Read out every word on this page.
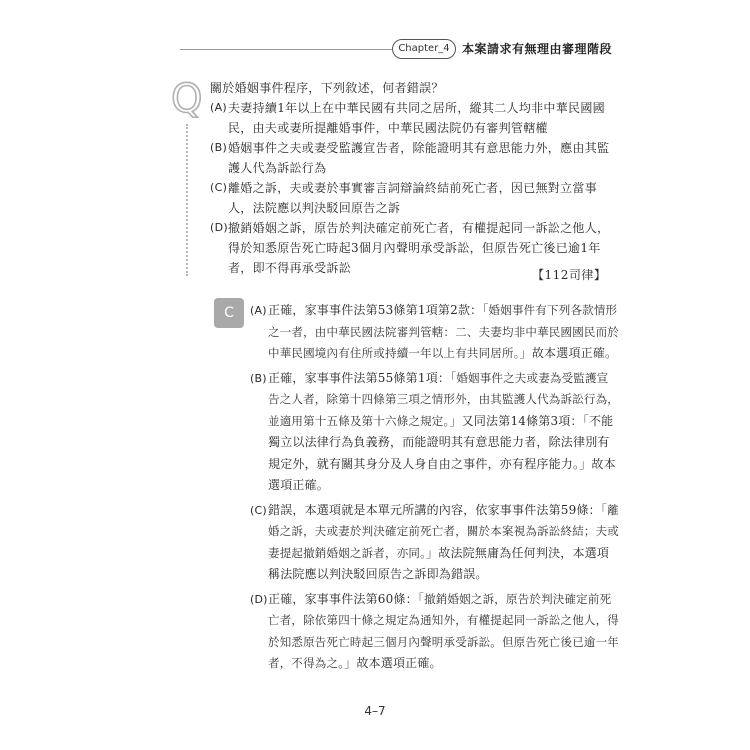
Chapter_4	本案請求有無理由審理階段
Q 關於婚姻事件程序，下列敘述，何者錯誤？

(A) 夫妻持續1年以上在中華民國有共同之居所，縱其二人均非中華民國國民，由夫或妻所提離婚事件，中華民國法院仍有審判管轄權
(B) 婚姻事件之夫或妻受監護宣告者，除能證明其有意思能力外，應由其監護人代為訴訟行為
(C) 離婚之訴，夫或妻於事實審言詞辯論終結前死亡者，因已無對立當事人，法院應以判決駁回原告之訴
(D) 撤銷婚姻之訴，原告於判決確定前死亡者，有權提起同一訴訟之他人，得於知悉原告死亡時起3個月內聲明承受訴訟，但原告死亡後已逾1年者，即不得再承受訴訟	【112司律】
C	(A) 正確，家事事件法第53條第1項第2款：「婚姻事件有下列各款情形之一者，由中華民國法院審判管轄：二、夫妻均非中華民國國民而於中華民國境內有住所或持續一年以上有共同居所。」故本選項正確。
(B) 正確，家事事件法第55條第1項：「婚姻事件之夫或妻為受監護宣告之人者，除第十四條第三項之情形外，由其監護人代為訴訟行為，並適用第十五條及第十六條之規定。」又同法第14條第3項：「不能獨立以法律行為負義務，而能證明其有意思能力者，除法律別有規定外，就有關其身分及人身自由之事件，亦有程序能力。」故本選項正確。
(C) 錯誤，本選項就是本單元所講的內容，依家事事件法第59條：「離婚之訴，夫或妻於判決確定前死亡者，關於本案視為訴訟終結；夫或妻提起撤銷婚姻之訴者，亦同。」故法院無庸為任何判決，本選項稱法院應以判決駁回原告之訴即為錯誤。
(D) 正確，家事事件法第60條：「撤銷婚姻之訴，原告於判決確定前死亡者，除依第四十條之規定為通知外，有權提起同一訴訟之他人，得於知悉原告死亡時起三個月內聲明承受訴訟。但原告死亡後已逾一年者，不得為之。」故本選項正確。
4–7
